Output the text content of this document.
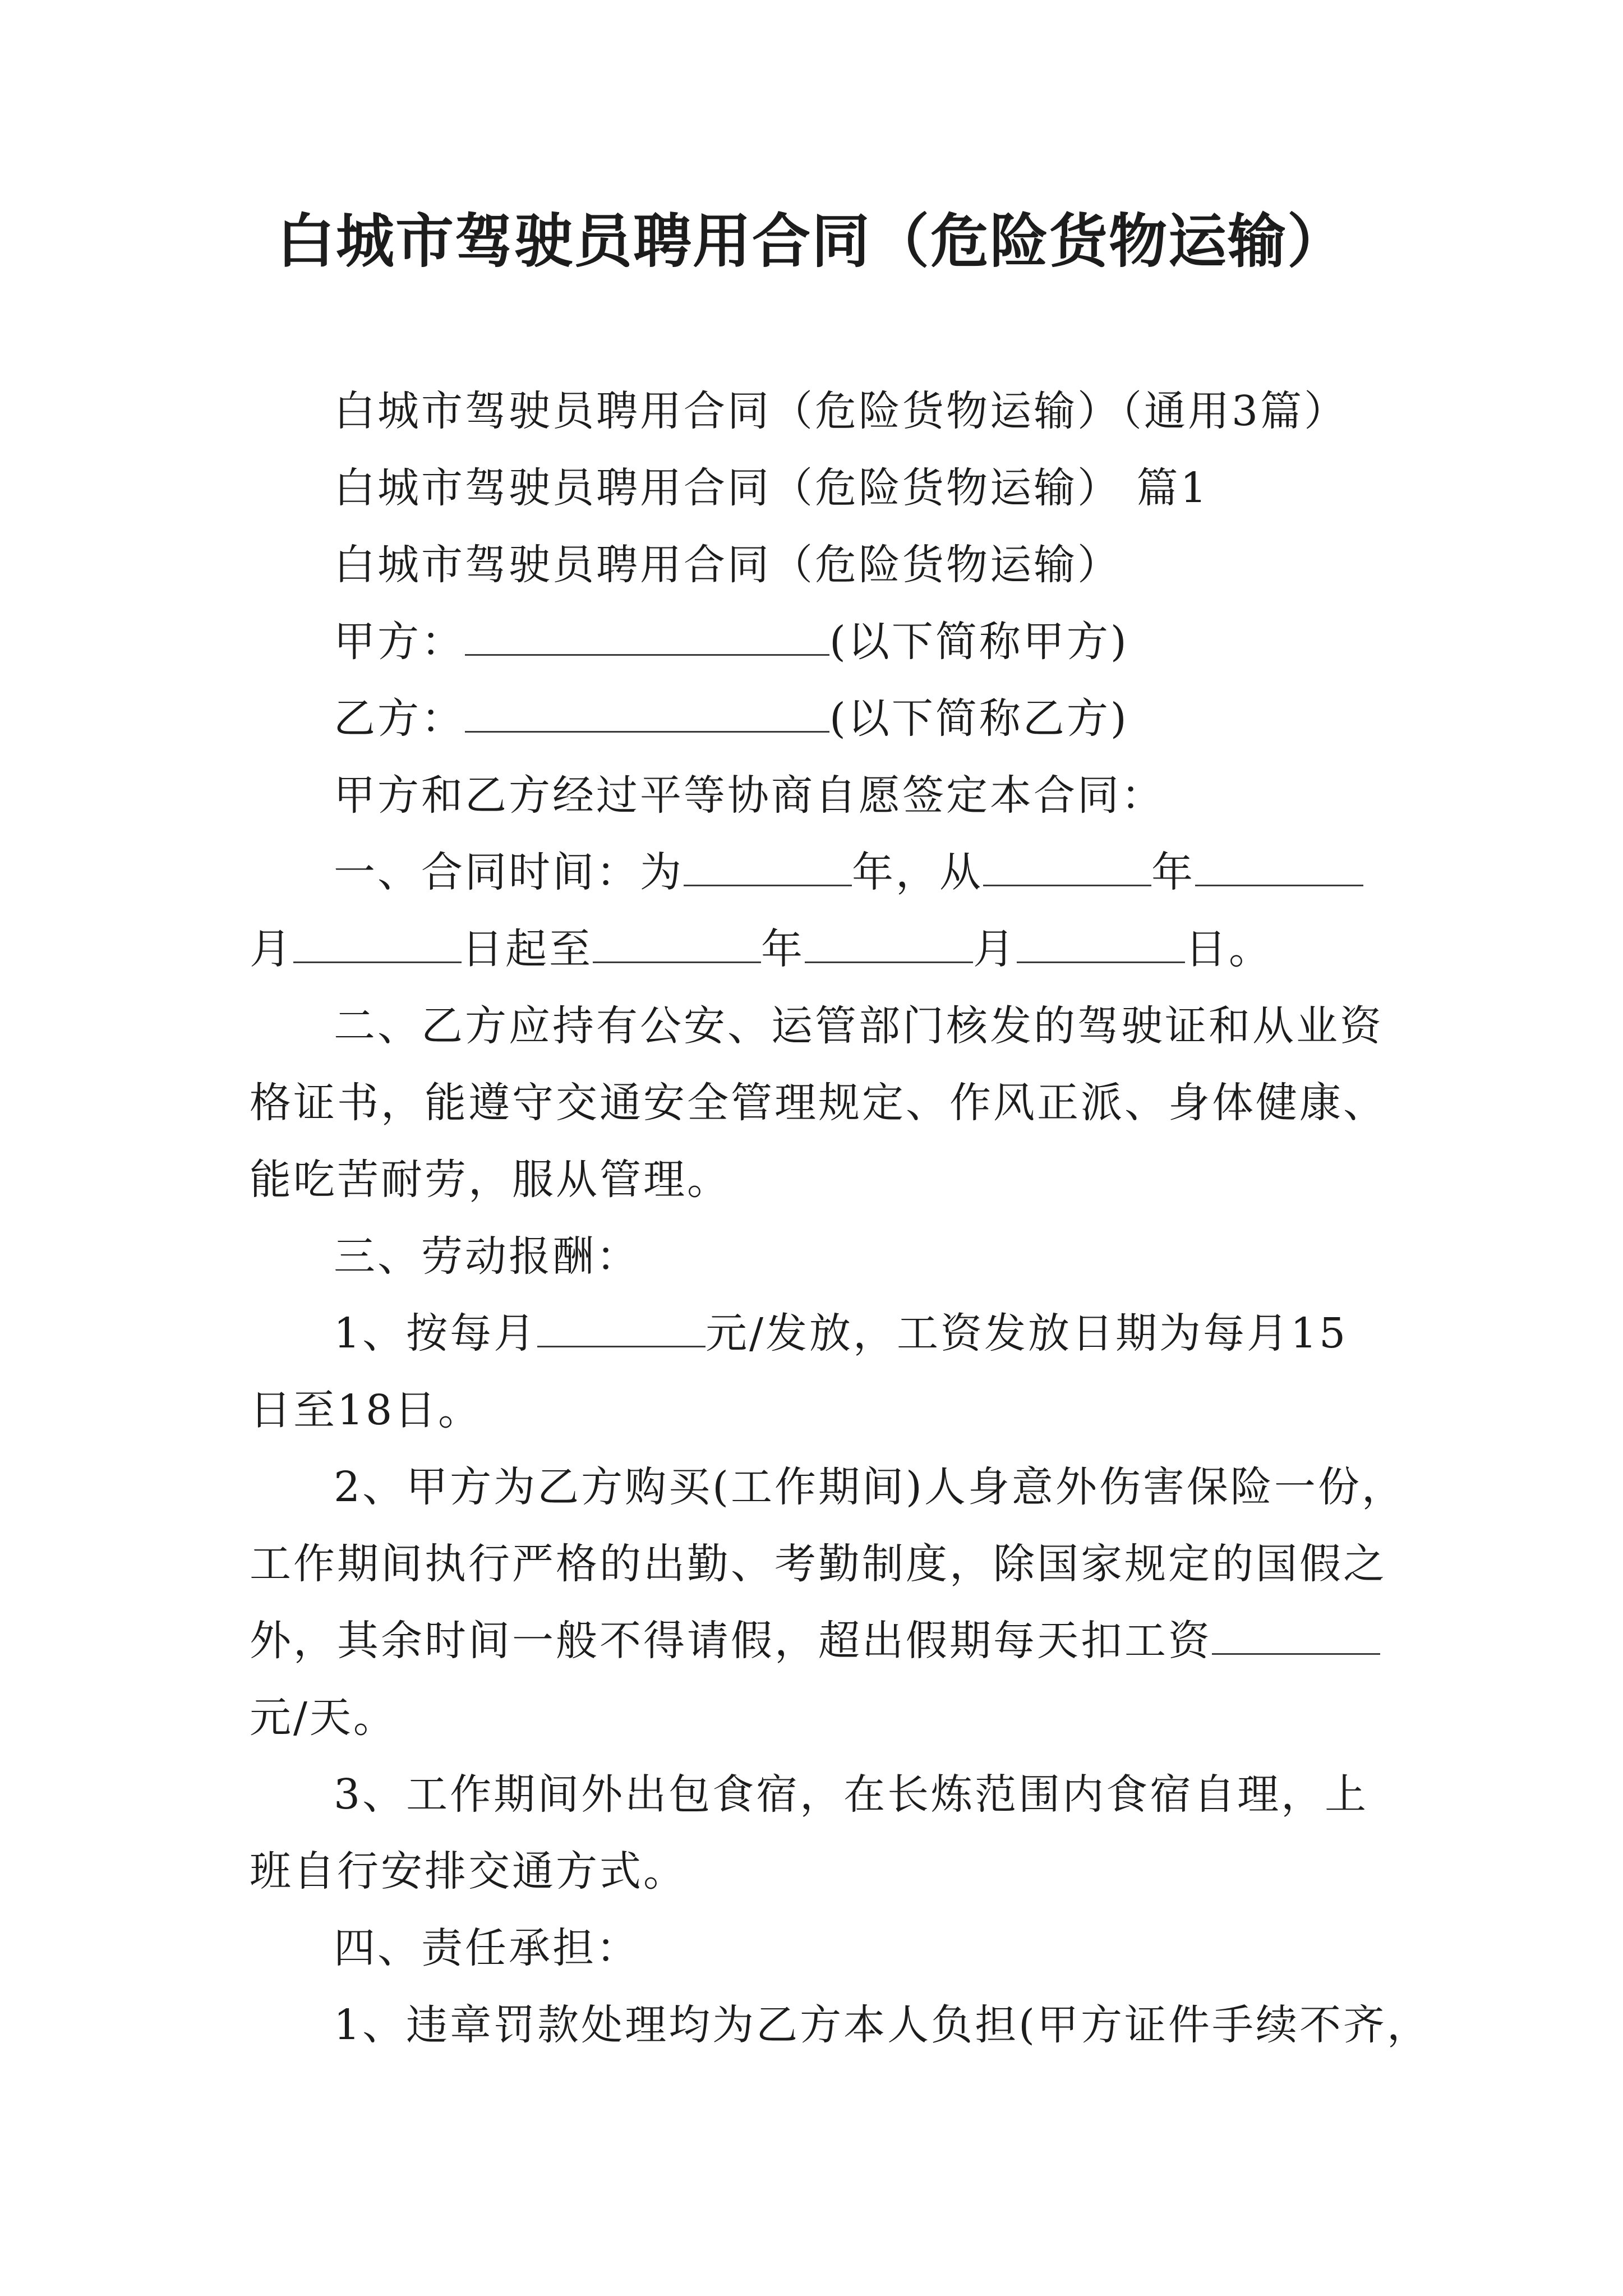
白城市驾驶员聘用合同（危险货物运输）
白城市驾驶员聘用合同（危险货物运输）（通用3篇）
白城市驾驶员聘用合同（危险货物运输） 篇1
白城市驾驶员聘用合同（危险货物运输）
甲方：	(以下简称甲方)
乙方：	(以下简称乙方)
甲方和乙方经过平等协商自愿签定本合同：
一、合同时间：为	年，从	年
月	日起至	年	月	日。
二、乙方应持有公安、运管部门核发的驾驶证和从业资
格证书，能遵守交通安全管理规定、作风正派、身体健康、
能吃苦耐劳，服从管理。
三、劳动报酬：
1、按每月	元/发放，工资发放日期为每月15
日至18日。
2、甲方为乙方购买(工作期间)人身意外伤害保险一份，
工作期间执行严格的出勤、考勤制度，除国家规定的国假之
外，其余时间一般不得请假，超出假期每天扣工资
元/天。
3、工作期间外出包食宿，在长炼范围内食宿自理，上
班自行安排交通方式。
四、责任承担：
1、违章罚款处理均为乙方本人负担(甲方证件手续不齐，
